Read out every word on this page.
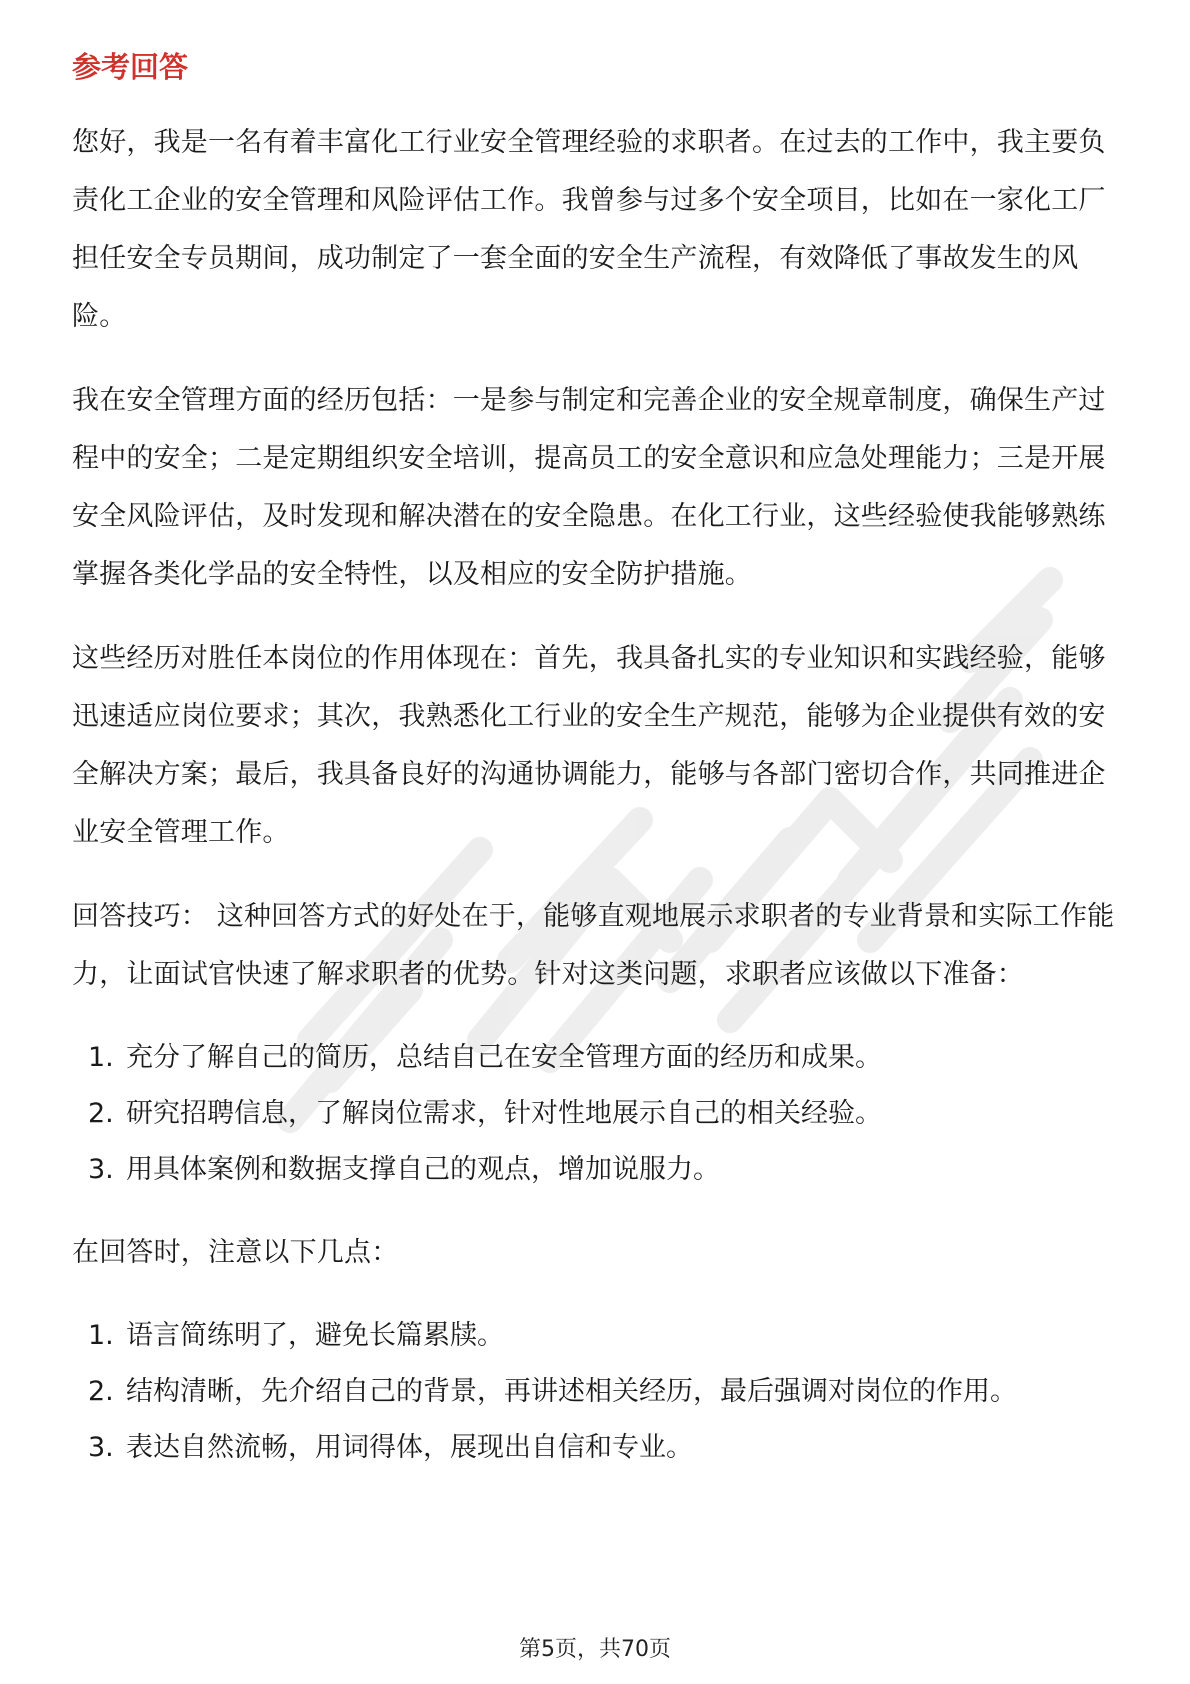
参考回答

您好，我是一名有着丰富化工行业安全管理经验的求职者。在过去的工作中，我主要负责化工企业的安全管理和风险评估工作。我曾参与过多个安全项目，比如在一家化工厂担任安全专员期间，成功制定了一套全面的安全生产流程，有效降低了事故发生的风险。

我在安全管理方面的经历包括：一是参与制定和完善企业的安全规章制度，确保生产过程中的安全；二是定期组织安全培训，提高员工的安全意识和应急处理能力；三是开展安全风险评估，及时发现和解决潜在的安全隐患。在化工行业，这些经验使我能够熟练掌握各类化学品的安全特性，以及相应的安全防护措施。

这些经历对胜任本岗位的作用体现在：首先，我具备扎实的专业知识和实践经验，能够迅速适应岗位要求；其次，我熟悉化工行业的安全生产规范，能够为企业提供有效的安全解决方案；最后，我具备良好的沟通协调能力，能够与各部门密切合作，共同推进企业安全管理工作。

回答技巧： 这种回答方式的好处在于，能够直观地展示求职者的专业背景和实际工作能力，让面试官快速了解求职者的优势。针对这类问题，求职者应该做以下准备：

1. 充分了解自己的简历，总结自己在安全管理方面的经历和成果。
2. 研究招聘信息，了解岗位需求，针对性地展示自己的相关经验。
3. 用具体案例和数据支撑自己的观点，增加说服力。

在回答时，注意以下几点：

1. 语言简练明了，避免长篇累牍。
2. 结构清晰，先介绍自己的背景，再讲述相关经历，最后强调对岗位的作用。
3. 表达自然流畅，用词得体，展现出自信和专业。
第5页，共70页
